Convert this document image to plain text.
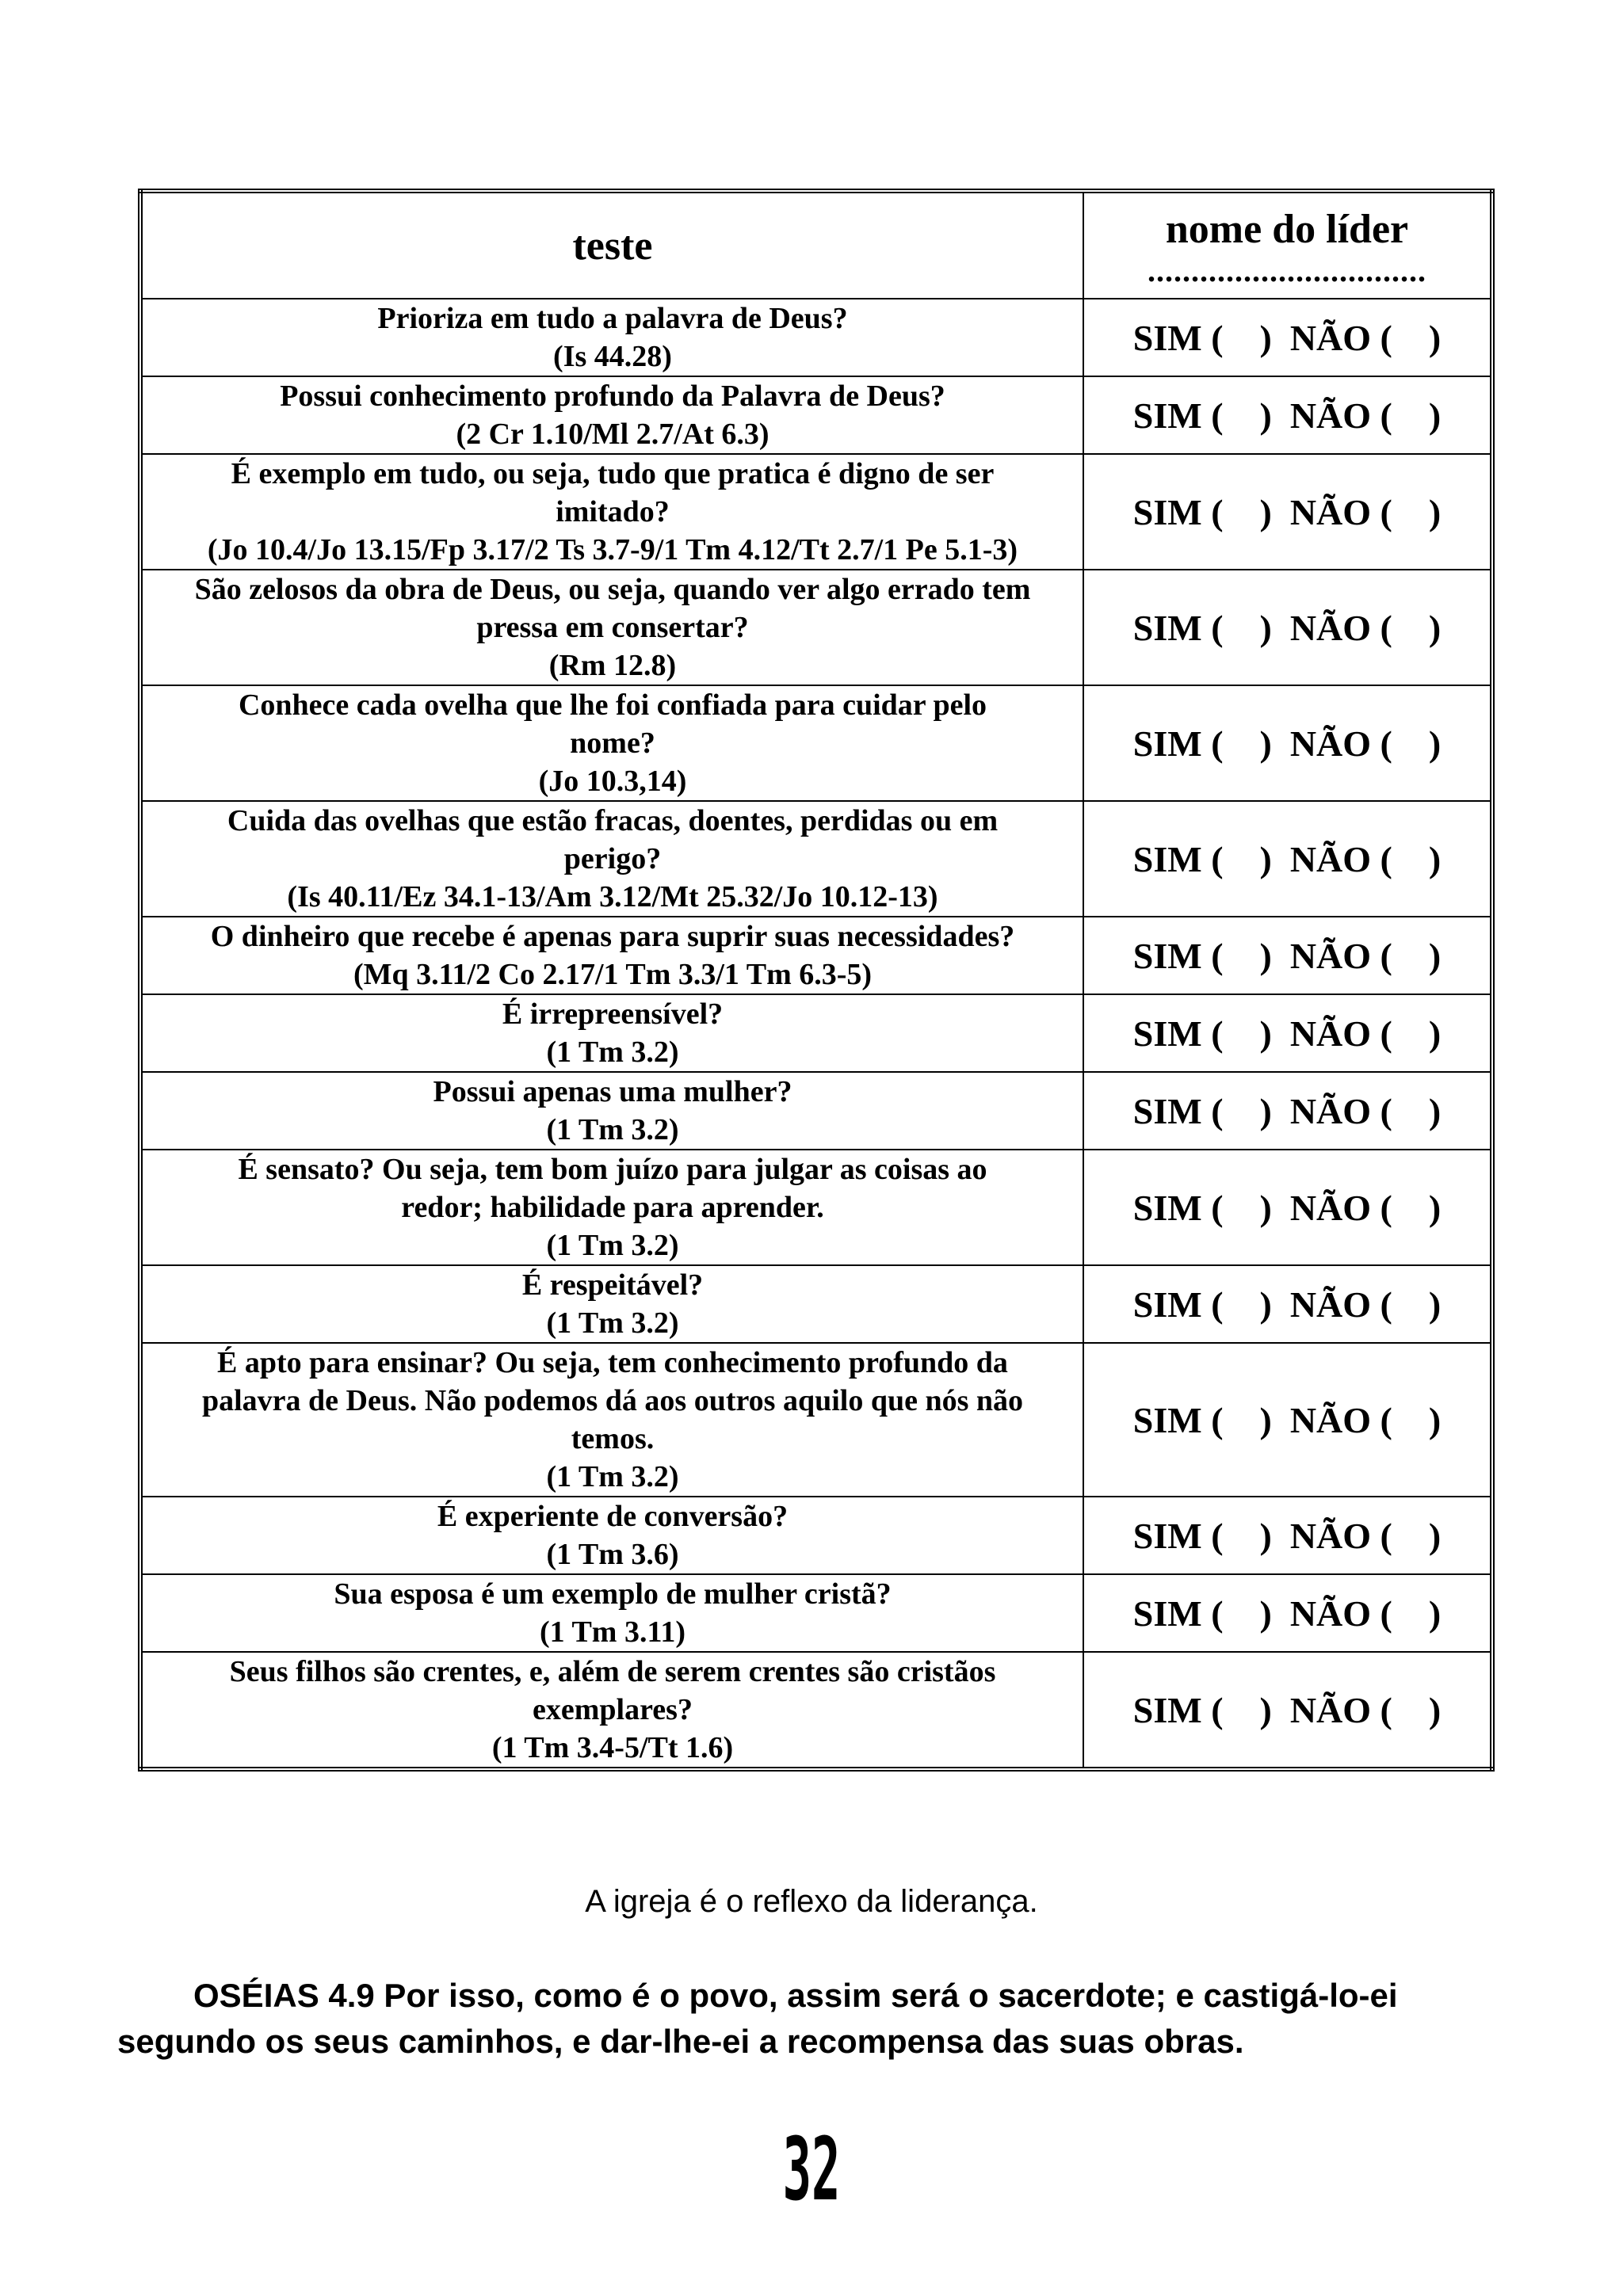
teste	nome do líder
................................

Prioriza em tudo a palavra de Deus?
(Is 44.28)	SIM (    )  NÃO (    )

Possui conhecimento profundo da Palavra de Deus?
(2 Cr 1.10/Ml 2.7/At 6.3)	SIM (    )  NÃO (    )

É exemplo em tudo, ou seja, tudo que pratica é digno de ser
imitado?
(Jo 10.4/Jo 13.15/Fp 3.17/2 Ts 3.7-9/1 Tm 4.12/Tt 2.7/1 Pe 5.1-3)	SIM (    )  NÃO (    )

São zelosos da obra de Deus, ou seja, quando ver algo errado tem
pressa em consertar?
(Rm 12.8)	SIM (    )  NÃO (    )

Conhece cada ovelha que lhe foi confiada para cuidar pelo
nome?
(Jo 10.3,14)	SIM (    )  NÃO (    )

Cuida das ovelhas que estão fracas, doentes, perdidas ou em
perigo?
(Is 40.11/Ez 34.1-13/Am 3.12/Mt 25.32/Jo 10.12-13)	SIM (    )  NÃO (    )

O dinheiro que recebe é apenas para suprir suas necessidades?
(Mq 3.11/2 Co 2.17/1 Tm 3.3/1 Tm 6.3-5)	SIM (    )  NÃO (    )

É irrepreensível?
(1 Tm 3.2)	SIM (    )  NÃO (    )

Possui apenas uma mulher?
(1 Tm 3.2)	SIM (    )  NÃO (    )

É sensato? Ou seja, tem bom juízo para julgar as coisas ao
redor; habilidade para aprender.
(1 Tm 3.2)	SIM (    )  NÃO (    )

É respeitável?
(1 Tm 3.2)	SIM (    )  NÃO (    )

É apto para ensinar? Ou seja, tem conhecimento profundo da
palavra de Deus. Não podemos dá aos outros aquilo que nós não
temos.
(1 Tm 3.2)	SIM (    )  NÃO (    )

É experiente de conversão?
(1 Tm 3.6)	SIM (    )  NÃO (    )

Sua esposa é um exemplo de mulher cristã?
(1 Tm 3.11)	SIM (    )  NÃO (    )

Seus filhos são crentes, e, além de serem crentes são cristãos
exemplares?
(1 Tm 3.4-5/Tt 1.6)	SIM (    )  NÃO (    )
A igreja é o reflexo da liderança.
OSÉIAS 4.9 Por isso, como é o povo, assim será o sacerdote; e castigá-lo-ei segundo os seus caminhos, e dar-lhe-ei a recompensa das suas obras.
32
